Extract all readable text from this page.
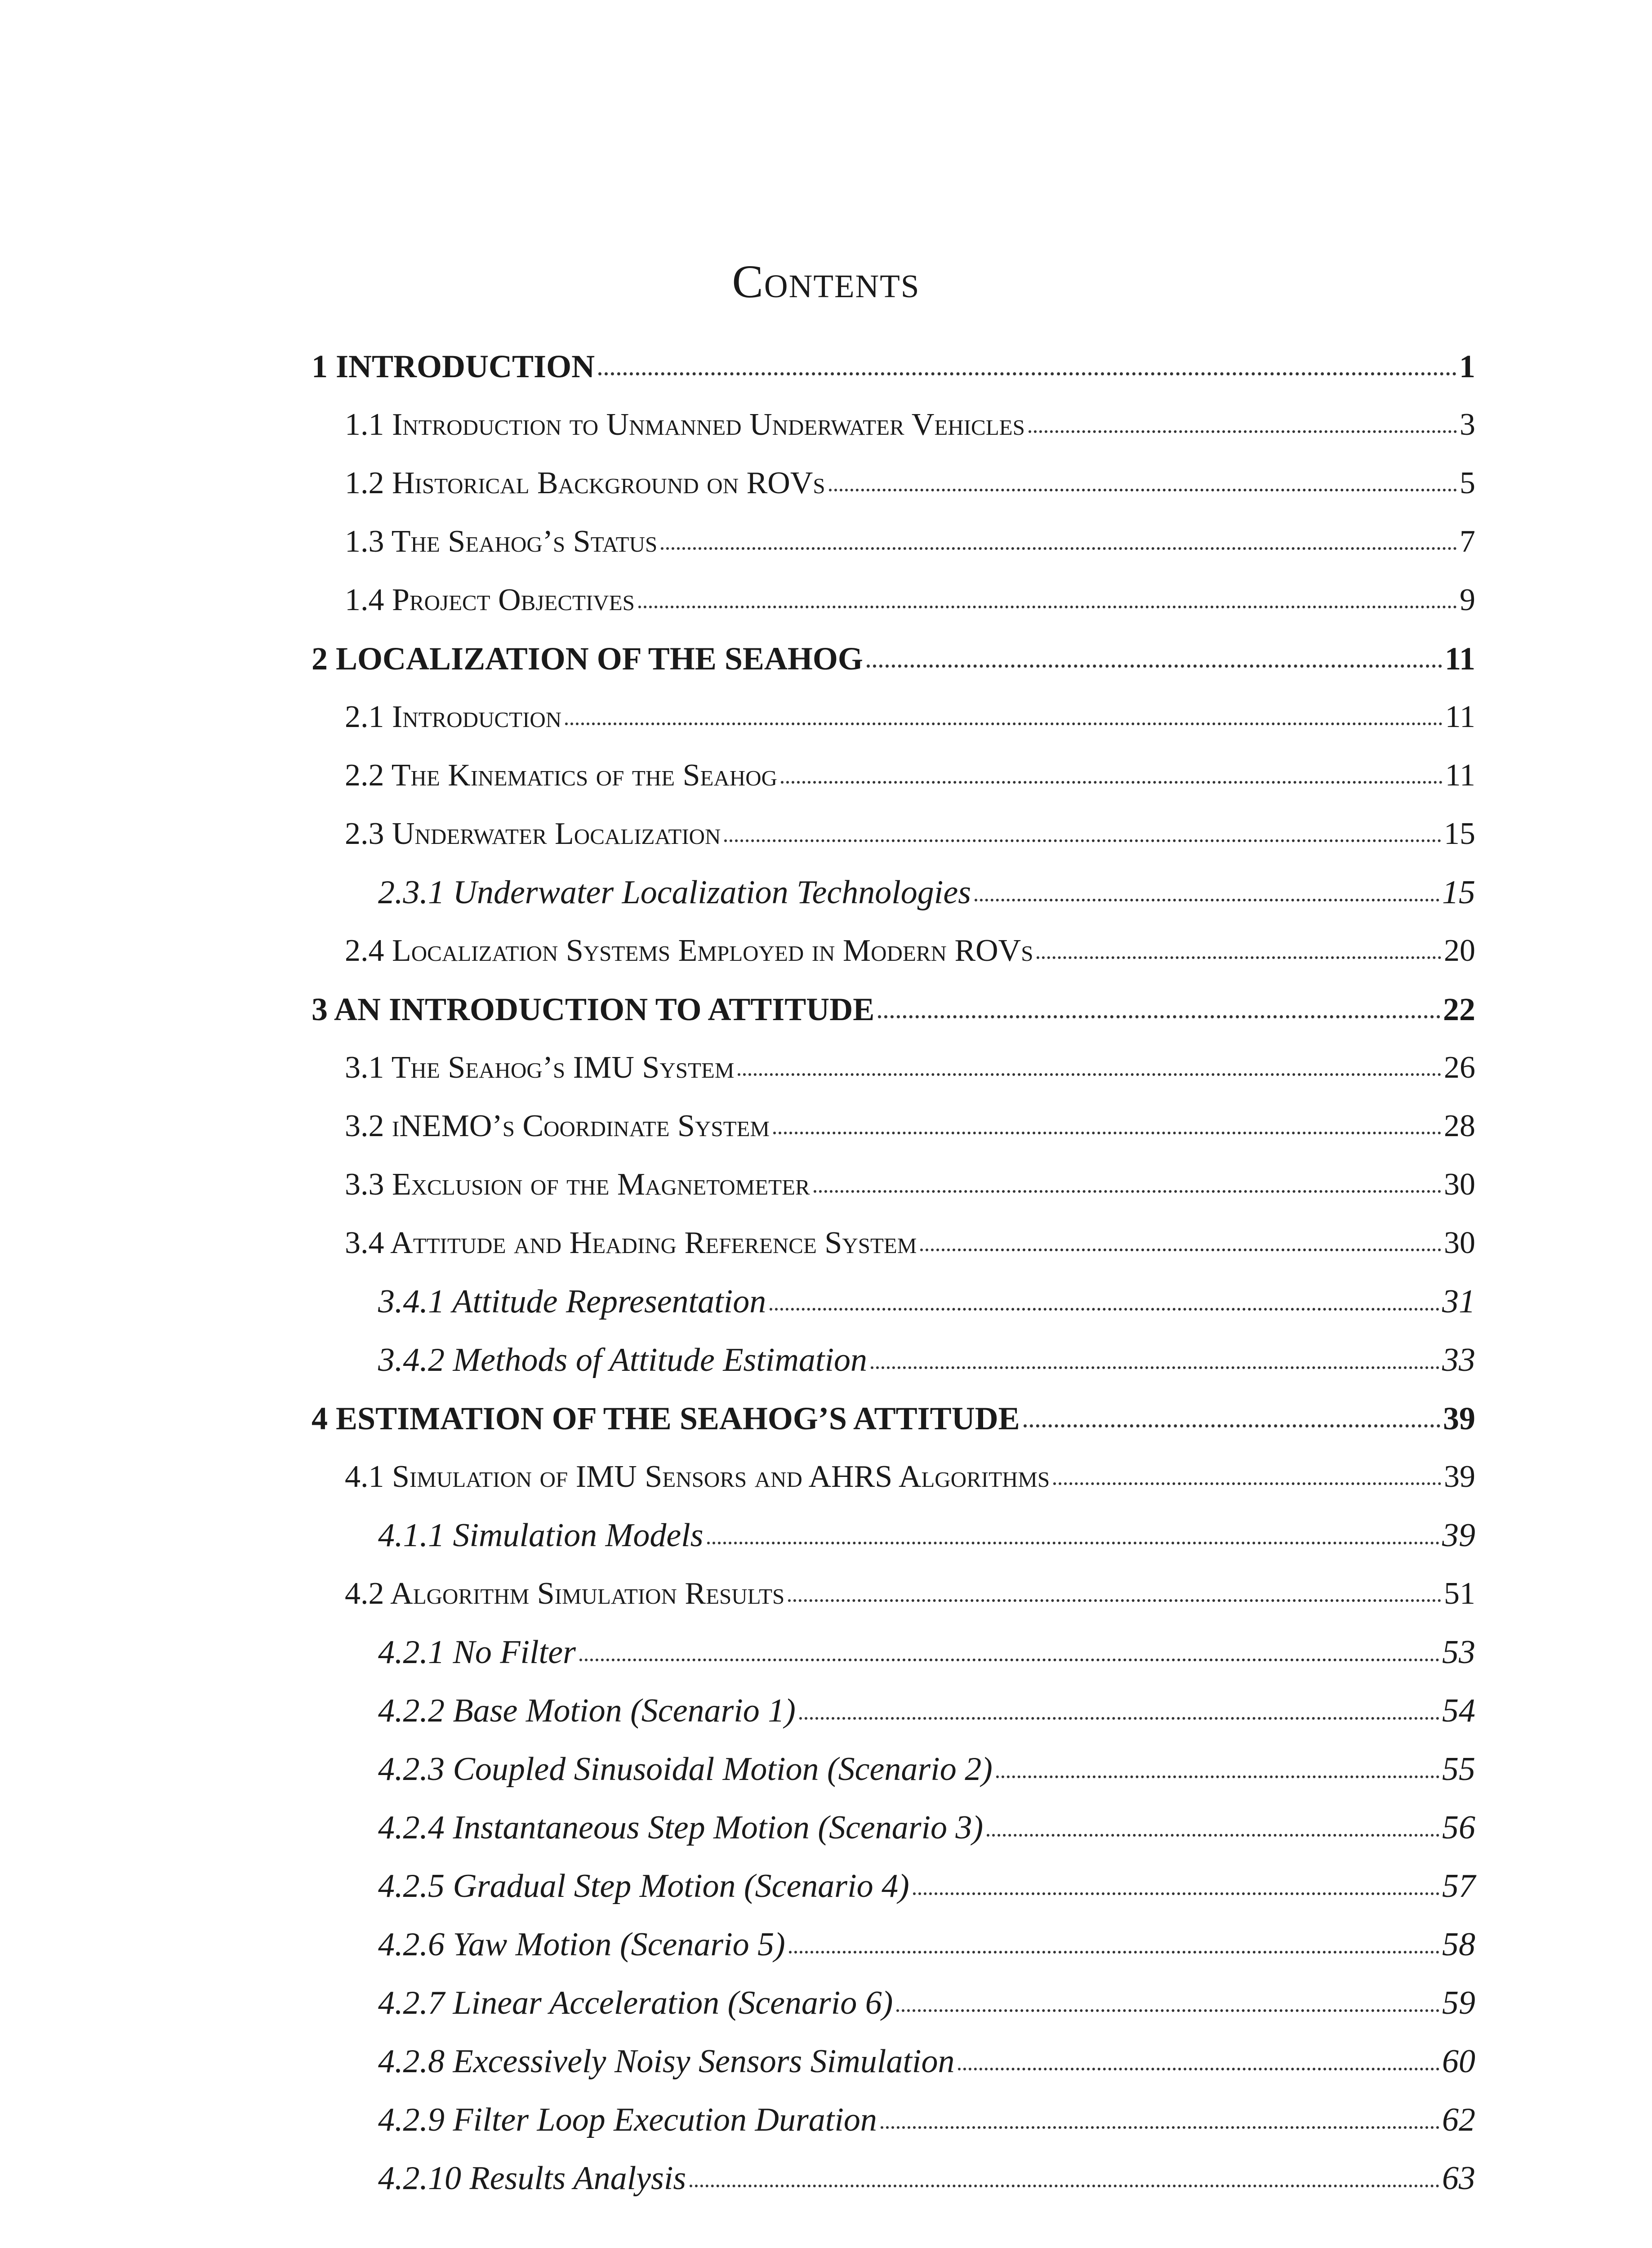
Contents
1 INTRODUCTION	1
1.1 Introduction to Unmanned Underwater Vehicles	3
1.2 Historical Background on ROVs	5
1.3 The Seahog’s Status	7
1.4 Project Objectives	9
2 LOCALIZATION OF THE SEAHOG	11
2.1 Introduction	11
2.2 The Kinematics of the Seahog	11
2.3 Underwater Localization	15
2.3.1 Underwater Localization Technologies	15
2.4 Localization Systems Employed in Modern ROVs	20
3 AN INTRODUCTION TO ATTITUDE	22
3.1 The Seahog’s IMU System	26
3.2 iNEMO’s Coordinate System	28
3.3 Exclusion of the Magnetometer	30
3.4 Attitude and Heading Reference System	30
3.4.1 Attitude Representation	31
3.4.2 Methods of Attitude Estimation	33
4 ESTIMATION OF THE SEAHOG’S ATTITUDE	39
4.1 Simulation of IMU Sensors and AHRS Algorithms	39
4.1.1 Simulation Models	39
4.2 Algorithm Simulation Results	51
4.2.1 No Filter	53
4.2.2 Base Motion (Scenario 1)	54
4.2.3 Coupled Sinusoidal Motion (Scenario 2)	55
4.2.4 Instantaneous Step Motion (Scenario 3)	56
4.2.5 Gradual Step Motion (Scenario 4)	57
4.2.6 Yaw Motion (Scenario 5)	58
4.2.7 Linear Acceleration (Scenario 6)	59
4.2.8 Excessively Noisy Sensors Simulation	60
4.2.9 Filter Loop Execution Duration	62
4.2.10 Results Analysis	63
